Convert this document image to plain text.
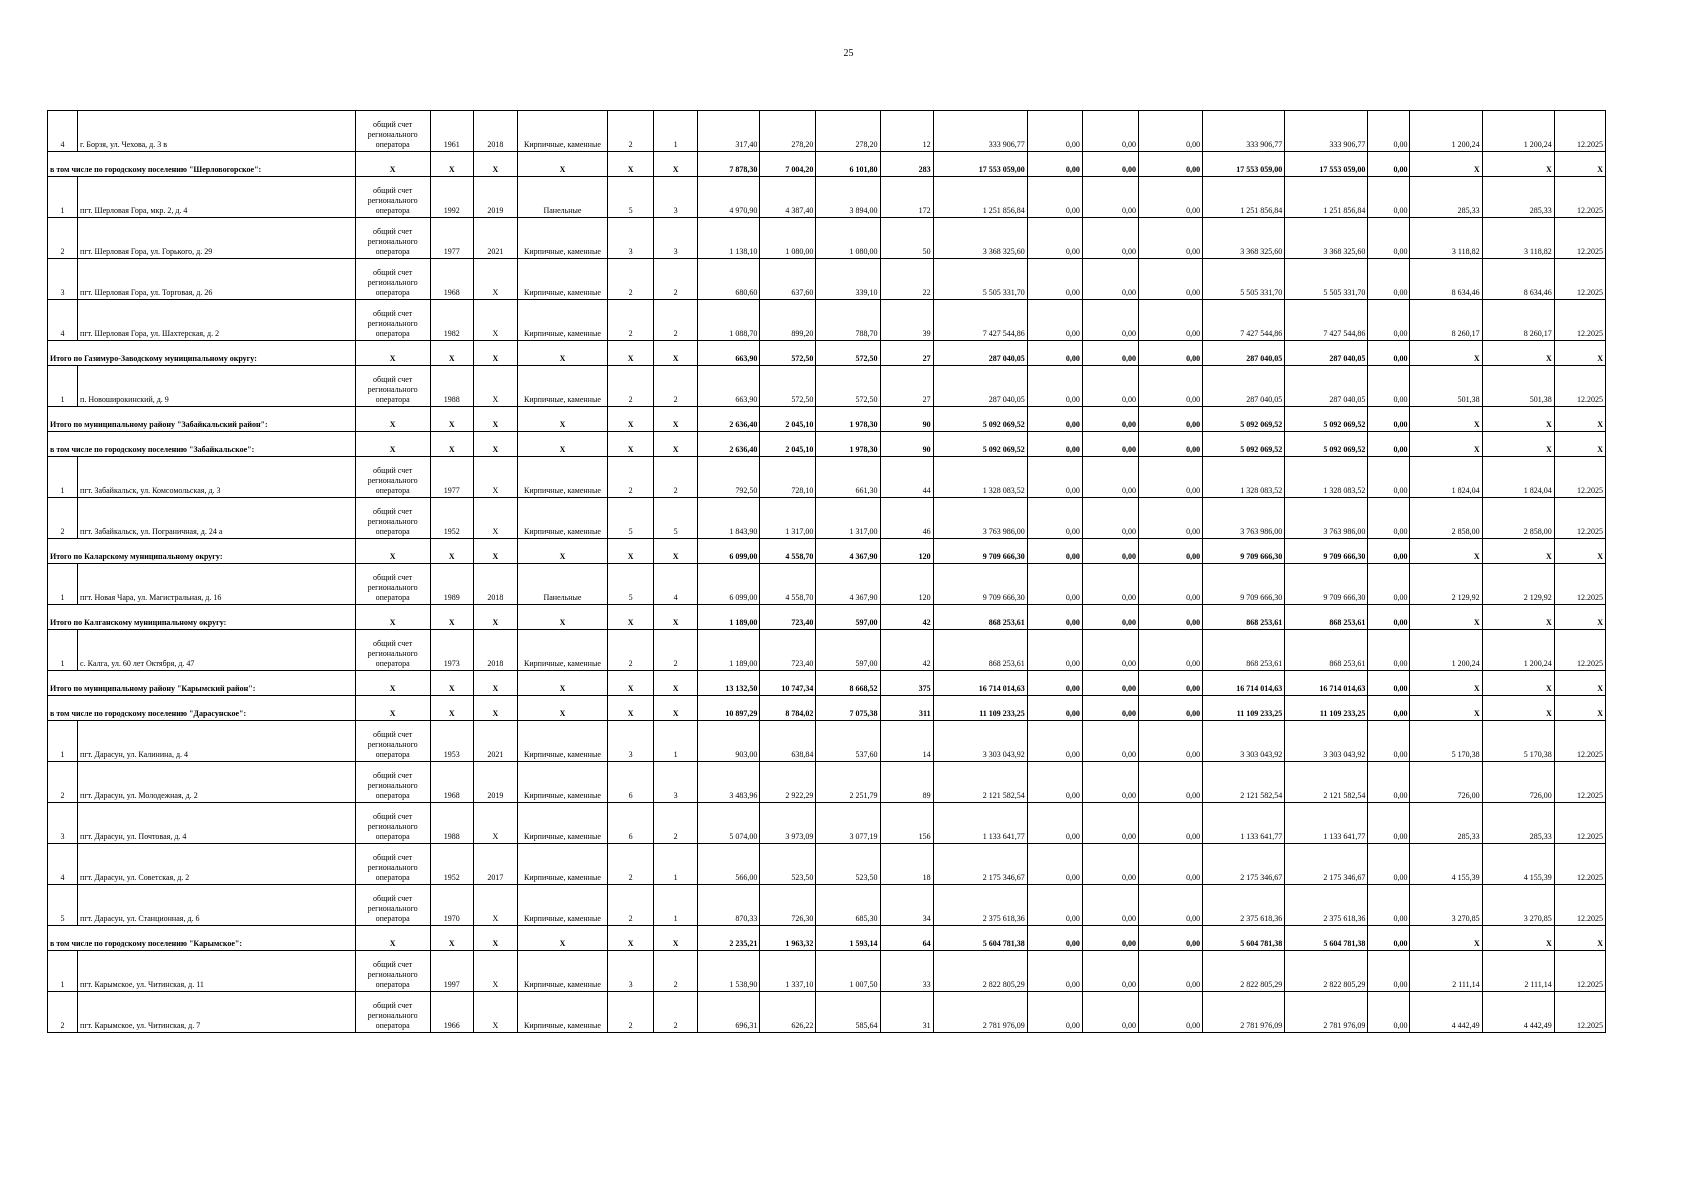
25
4	г. Борзя, ул. Чехова, д. 3 в	общий счет регионального оператора	1961	2018	Кирпичные, каменные	2	1	317,40	278,20	278,20	12	333 906,77	0,00	0,00	0,00	333 906,77	333 906,77	0,00	1 200,24	1 200,24	12.2025
в том числе по городскому поселению "Шерловогорское":		X	X	X	X	X	X	7 878,30	7 004,20	6 101,80	283	17 553 059,00	0,00	0,00	0,00	17 553 059,00	17 553 059,00	0,00	X	X	X
1	пгт. Шерловая Гора, мкр. 2, д. 4	общий счет регионального оператора	1992	2019	Панельные	5	3	4 970,90	4 387,40	3 894,00	172	1 251 856,84	0,00	0,00	0,00	1 251 856,84	1 251 856,84	0,00	285,33	285,33	12.2025
2	пгт. Шерловая Гора, ул. Горького, д. 29	общий счет регионального оператора	1977	2021	Кирпичные, каменные	3	3	1 138,10	1 080,00	1 080,00	50	3 368 325,60	0,00	0,00	0,00	3 368 325,60	3 368 325,60	0,00	3 118,82	3 118,82	12.2025
3	пгт. Шерловая Гора, ул. Торговая, д. 26	общий счет регионального оператора	1968	X	Кирпичные, каменные	2	2	680,60	637,60	339,10	22	5 505 331,70	0,00	0,00	0,00	5 505 331,70	5 505 331,70	0,00	8 634,46	8 634,46	12.2025
4	пгт. Шерловая Гора, ул. Шахтерская, д. 2	общий счет регионального оператора	1982	X	Кирпичные, каменные	2	2	1 088,70	899,20	788,70	39	7 427 544,86	0,00	0,00	0,00	7 427 544,86	7 427 544,86	0,00	8 260,17	8 260,17	12.2025
Итого по Газимуро-Заводскому муниципальному округу:		X	X	X	X	X	X	663,90	572,50	572,50	27	287 040,05	0,00	0,00	0,00	287 040,05	287 040,05	0,00	X	X	X
1	п. Новоширокинский, д. 9	общий счет регионального оператора	1988	X	Кирпичные, каменные	2	2	663,90	572,50	572,50	27	287 040,05	0,00	0,00	0,00	287 040,05	287 040,05	0,00	501,38	501,38	12.2025
Итого по муниципальному району "Забайкальский район":		X	X	X	X	X	X	2 636,40	2 045,10	1 978,30	90	5 092 069,52	0,00	0,00	0,00	5 092 069,52	5 092 069,52	0,00	X	X	X
в том числе по городскому поселению "Забайкальское":		X	X	X	X	X	X	2 636,40	2 045,10	1 978,30	90	5 092 069,52	0,00	0,00	0,00	5 092 069,52	5 092 069,52	0,00	X	X	X
1	пгт. Забайкальск, ул. Комсомольская, д. 3	общий счет регионального оператора	1977	X	Кирпичные, каменные	2	2	792,50	728,10	661,30	44	1 328 083,52	0,00	0,00	0,00	1 328 083,52	1 328 083,52	0,00	1 824,04	1 824,04	12.2025
2	пгт. Забайкальск, ул. Пограничная, д. 24 а	общий счет регионального оператора	1952	X	Кирпичные, каменные	5	5	1 843,90	1 317,00	1 317,00	46	3 763 986,00	0,00	0,00	0,00	3 763 986,00	3 763 986,00	0,00	2 858,00	2 858,00	12.2025
Итого по Каларскому муниципальному округу:		X	X	X	X	X	X	6 099,00	4 558,70	4 367,90	120	9 709 666,30	0,00	0,00	0,00	9 709 666,30	9 709 666,30	0,00	X	X	X
1	пгт. Новая Чара, ул. Магистральная, д. 16	общий счет регионального оператора	1989	2018	Панельные	5	4	6 099,00	4 558,70	4 367,90	120	9 709 666,30	0,00	0,00	0,00	9 709 666,30	9 709 666,30	0,00	2 129,92	2 129,92	12.2025
Итого по Калганскому муниципальному округу:		X	X	X	X	X	X	1 189,00	723,40	597,00	42	868 253,61	0,00	0,00	0,00	868 253,61	868 253,61	0,00	X	X	X
1	с. Калга, ул. 60 лет Октября, д. 47	общий счет регионального оператора	1973	2018	Кирпичные, каменные	2	2	1 189,00	723,40	597,00	42	868 253,61	0,00	0,00	0,00	868 253,61	868 253,61	0,00	1 200,24	1 200,24	12.2025
Итого по муниципальному району "Карымский район":		X	X	X	X	X	X	13 132,50	10 747,34	8 668,52	375	16 714 014,63	0,00	0,00	0,00	16 714 014,63	16 714 014,63	0,00	X	X	X
в том числе по городскому поселению "Дарасунское":		X	X	X	X	X	X	10 897,29	8 784,02	7 075,38	311	11 109 233,25	0,00	0,00	0,00	11 109 233,25	11 109 233,25	0,00	X	X	X
1	пгт. Дарасун, ул. Калинина, д. 4	общий счет регионального оператора	1953	2021	Кирпичные, каменные	3	1	903,00	638,84	537,60	14	3 303 043,92	0,00	0,00	0,00	3 303 043,92	3 303 043,92	0,00	5 170,38	5 170,38	12.2025
2	пгт. Дарасун, ул. Молодежная, д. 2	общий счет регионального оператора	1968	2019	Кирпичные, каменные	6	3	3 483,96	2 922,29	2 251,79	89	2 121 582,54	0,00	0,00	0,00	2 121 582,54	2 121 582,54	0,00	726,00	726,00	12.2025
3	пгт. Дарасун, ул. Почтовая, д. 4	общий счет регионального оператора	1988	X	Кирпичные, каменные	6	2	5 074,00	3 973,09	3 077,19	156	1 133 641,77	0,00	0,00	0,00	1 133 641,77	1 133 641,77	0,00	285,33	285,33	12.2025
4	пгт. Дарасун, ул. Советская, д. 2	общий счет регионального оператора	1952	2017	Кирпичные, каменные	2	1	566,00	523,50	523,50	18	2 175 346,67	0,00	0,00	0,00	2 175 346,67	2 175 346,67	0,00	4 155,39	4 155,39	12.2025
5	пгт. Дарасун, ул. Станционная, д. 6	общий счет регионального оператора	1970	X	Кирпичные, каменные	2	1	870,33	726,30	685,30	34	2 375 618,36	0,00	0,00	0,00	2 375 618,36	2 375 618,36	0,00	3 270,85	3 270,85	12.2025
в том числе по городскому поселению "Карымское":		X	X	X	X	X	X	2 235,21	1 963,32	1 593,14	64	5 604 781,38	0,00	0,00	0,00	5 604 781,38	5 604 781,38	0,00	X	X	X
1	пгт. Карымское, ул. Читинская, д. 11	общий счет регионального оператора	1997	X	Кирпичные, каменные	3	2	1 538,90	1 337,10	1 007,50	33	2 822 805,29	0,00	0,00	0,00	2 822 805,29	2 822 805,29	0,00	2 111,14	2 111,14	12.2025
2	пгт. Карымское, ул. Читинская, д. 7	общий счет регионального оператора	1966	X	Кирпичные, каменные	2	2	696,31	626,22	585,64	31	2 781 976,09	0,00	0,00	0,00	2 781 976,09	2 781 976,09	0,00	4 442,49	4 442,49	12.2025
